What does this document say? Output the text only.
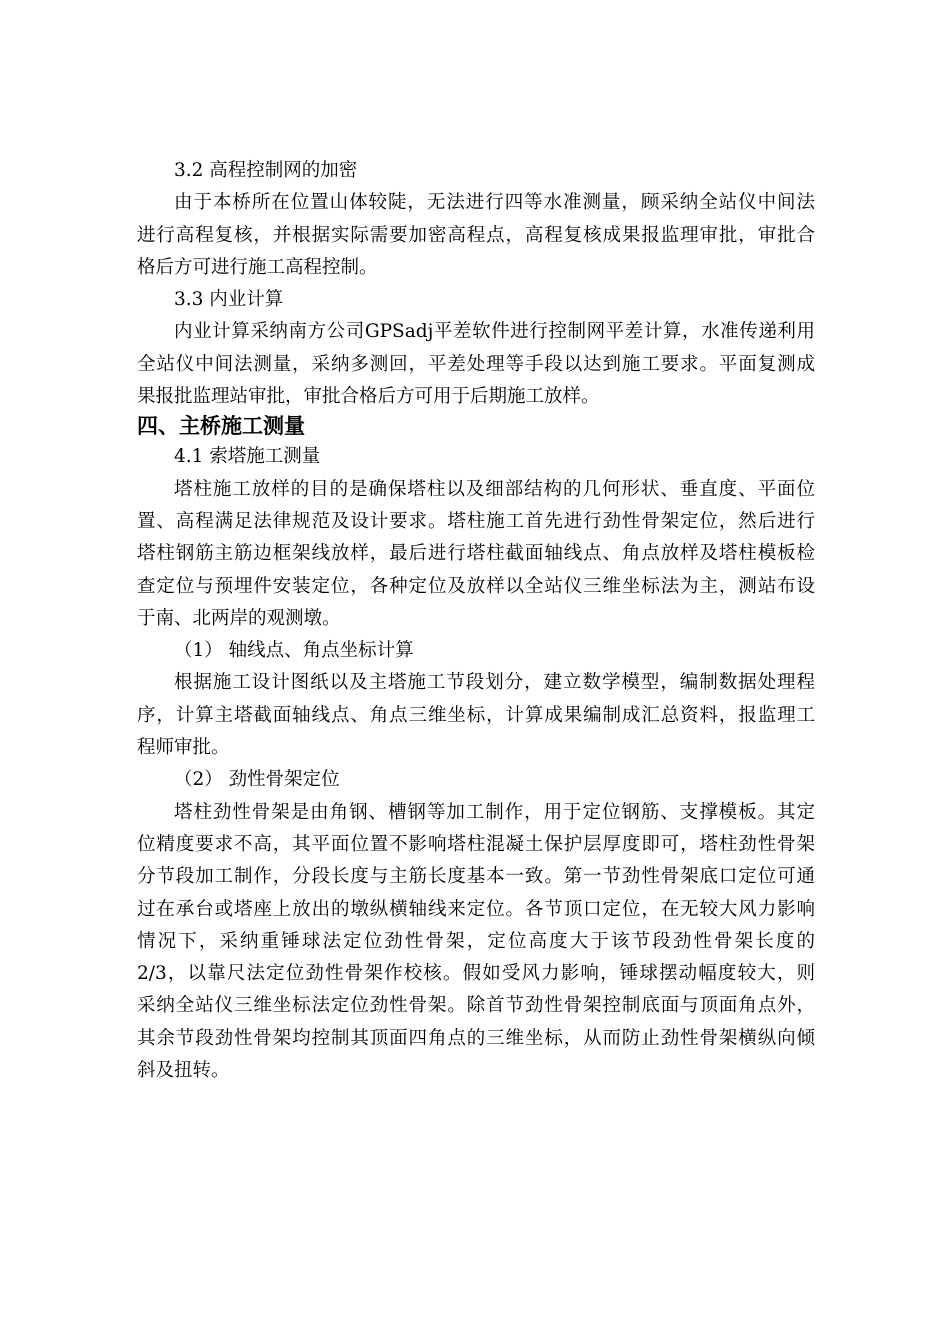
3.2 高程控制网的加密
由于本桥所在位置山体较陡，无法进行四等水准测量，顾采纳全站仪中间法
进行高程复核，并根据实际需要加密高程点，高程复核成果报监理审批，审批合
格后方可进行施工高程控制。
3.3 内业计算
内业计算采纳南方公司GPSadj平差软件进行控制网平差计算，水准传递利用
全站仪中间法测量，采纳多测回，平差处理等手段以达到施工要求。平面复测成
果报批监理站审批，审批合格后方可用于后期施工放样。
四、主桥施工测量
4.1 索塔施工测量
塔柱施工放样的目的是确保塔柱以及细部结构的几何形状、垂直度、平面位
置、高程满足法律规范及设计要求。塔柱施工首先进行劲性骨架定位，然后进行
塔柱钢筋主筋边框架线放样，最后进行塔柱截面轴线点、角点放样及塔柱模板检
查定位与预埋件安装定位，各种定位及放样以全站仪三维坐标法为主，测站布设
于南、北两岸的观测墩。
（1） 轴线点、角点坐标计算
根据施工设计图纸以及主塔施工节段划分，建立数学模型，编制数据处理程
序，计算主塔截面轴线点、角点三维坐标，计算成果编制成汇总资料，报监理工
程师审批。
（2） 劲性骨架定位
塔柱劲性骨架是由角钢、槽钢等加工制作，用于定位钢筋、支撑模板。其定
位精度要求不高，其平面位置不影响塔柱混凝土保护层厚度即可，塔柱劲性骨架
分节段加工制作，分段长度与主筋长度基本一致。第一节劲性骨架底口定位可通
过在承台或塔座上放出的墩纵横轴线来定位。各节顶口定位，在无较大风力影响
情况下，采纳重锤球法定位劲性骨架，定位高度大于该节段劲性骨架长度的
2/3，以靠尺法定位劲性骨架作校核。假如受风力影响，锤球摆动幅度较大，则
采纳全站仪三维坐标法定位劲性骨架。除首节劲性骨架控制底面与顶面角点外，
其余节段劲性骨架均控制其顶面四角点的三维坐标，从而防止劲性骨架横纵向倾
斜及扭转。
